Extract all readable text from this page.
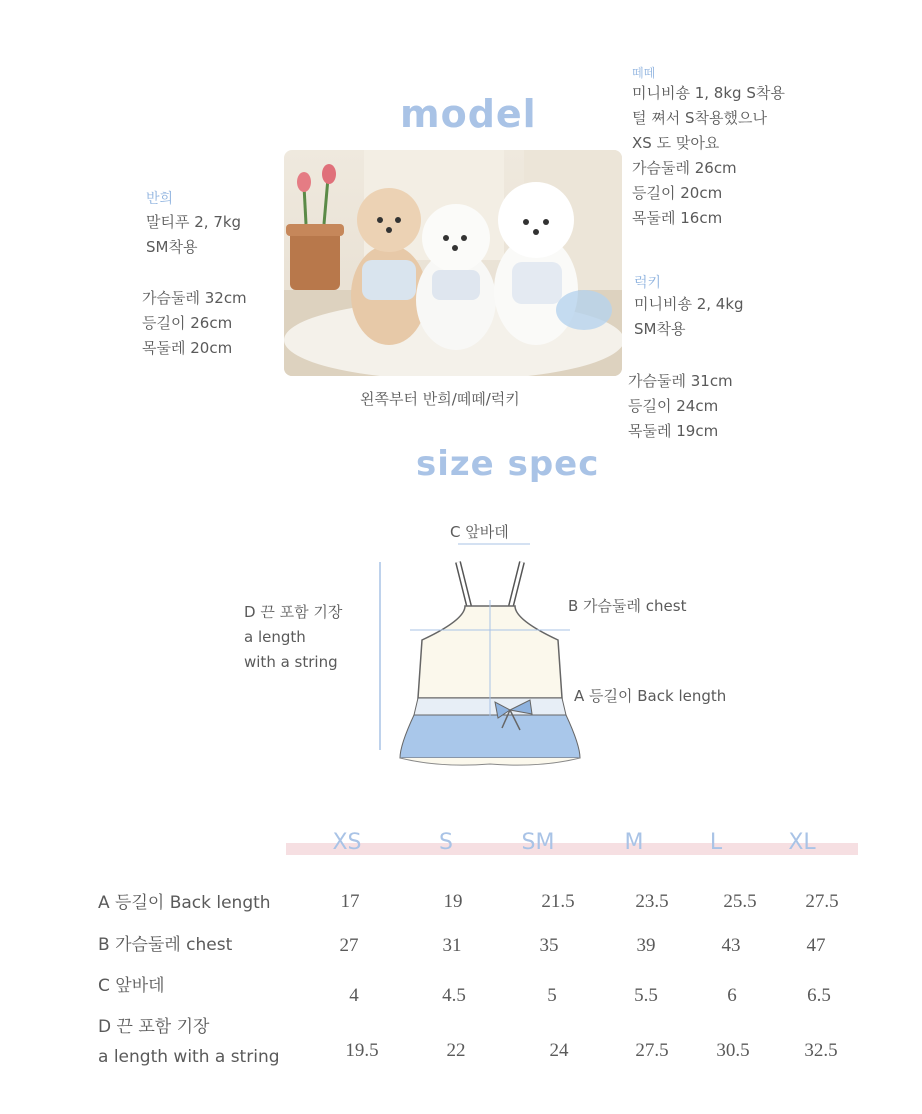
model
반희
말티푸 2, 7kg
SM착용
가슴둘레 32cm
등길이 26cm
목둘레 20cm
왼쪽부터 반희/떼떼/럭키
떼떼
미니비숑 1, 8kg S착용
털 쪄서 S착용했으나
XS 도 맞아요
가슴둘레 26cm
등길이 20cm
목둘레 16cm
럭키
미니비숑 2, 4kg
SM착용
가슴둘레 31cm
등길이 24cm
목둘레 19cm
size spec
C 앞바데
B 가슴둘레 chest
A 등길이 Back length
D 끈 포함 기장
a length
with a string
XS	S	SM	M	L	XL
A 등길이 Back length	17	19	21.5	23.5	25.5	27.5
B 가슴둘레 chest	27	31	35	39	43	47
C 앞바데	4	4.5	5	5.5	6	6.5
D 끈 포함 기장
a length with a string	19.5	22	24	27.5	30.5	32.5
